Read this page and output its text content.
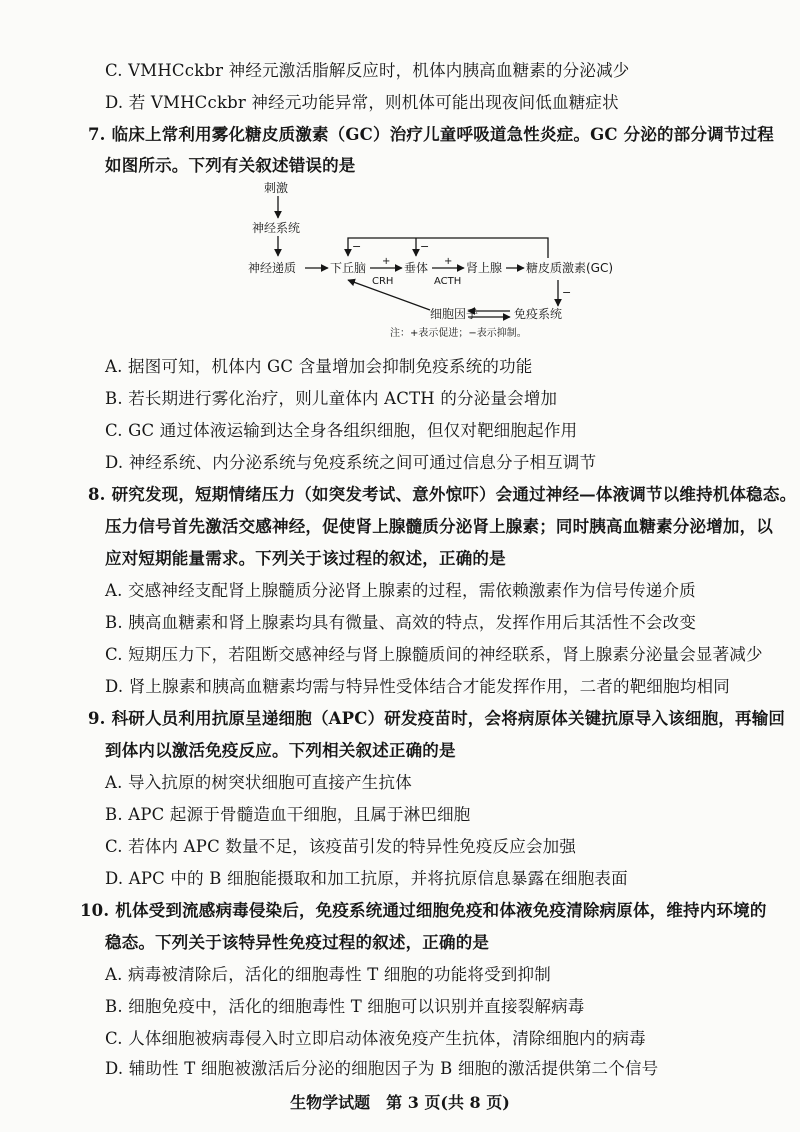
C. VMHCckbr 神经元激活脂解反应时，机体内胰高血糖素的分泌减少
D. 若 VMHCckbr 神经元功能异常，则机体可能出现夜间低血糖症状
7. 临床上常利用雾化糖皮质激素（GC）治疗儿童呼吸道急性炎症。GC 分泌的部分调节过程
如图所示。下列有关叙述错误的是
刺激
神经系统
神经递质	下丘脑	垂体	肾上腺 糖皮质激素(GC)
CRH	ACTH
+	+
−	−
−
细胞因子	免疫系统
注：+表示促进；−表示抑制。
A. 据图可知，机体内 GC 含量增加会抑制免疫系统的功能
B. 若长期进行雾化治疗，则儿童体内 ACTH 的分泌量会增加
C. GC 通过体液运输到达全身各组织细胞，但仅对靶细胞起作用
D. 神经系统、内分泌系统与免疫系统之间可通过信息分子相互调节
8. 研究发现，短期情绪压力（如突发考试、意外惊吓）会通过神经—体液调节以维持机体稳态。
压力信号首先激活交感神经，促使肾上腺髓质分泌肾上腺素；同时胰高血糖素分泌增加，以
应对短期能量需求。下列关于该过程的叙述，正确的是
A. 交感神经支配肾上腺髓质分泌肾上腺素的过程，需依赖激素作为信号传递介质
B. 胰高血糖素和肾上腺素均具有微量、高效的特点，发挥作用后其活性不会改变
C. 短期压力下，若阻断交感神经与肾上腺髓质间的神经联系，肾上腺素分泌量会显著减少
D. 肾上腺素和胰高血糖素均需与特异性受体结合才能发挥作用，二者的靶细胞均相同
9. 科研人员利用抗原呈递细胞（APC）研发疫苗时，会将病原体关键抗原导入该细胞，再输回
到体内以激活免疫反应。下列相关叙述正确的是
A. 导入抗原的树突状细胞可直接产生抗体
B. APC 起源于骨髓造血干细胞，且属于淋巴细胞
C. 若体内 APC 数量不足，该疫苗引发的特异性免疫反应会加强
D. APC 中的 B 细胞能摄取和加工抗原，并将抗原信息暴露在细胞表面
10. 机体受到流感病毒侵染后，免疫系统通过细胞免疫和体液免疫清除病原体，维持内环境的
稳态。下列关于该特异性免疫过程的叙述，正确的是
A. 病毒被清除后，活化的细胞毒性 T 细胞的功能将受到抑制
B. 细胞免疫中，活化的细胞毒性 T 细胞可以识别并直接裂解病毒
C. 人体细胞被病毒侵入时立即启动体液免疫产生抗体，清除细胞内的病毒
D. 辅助性 T 细胞被激活后分泌的细胞因子为 B 细胞的激活提供第二个信号
生物学试题　第 3 页(共 8 页)
